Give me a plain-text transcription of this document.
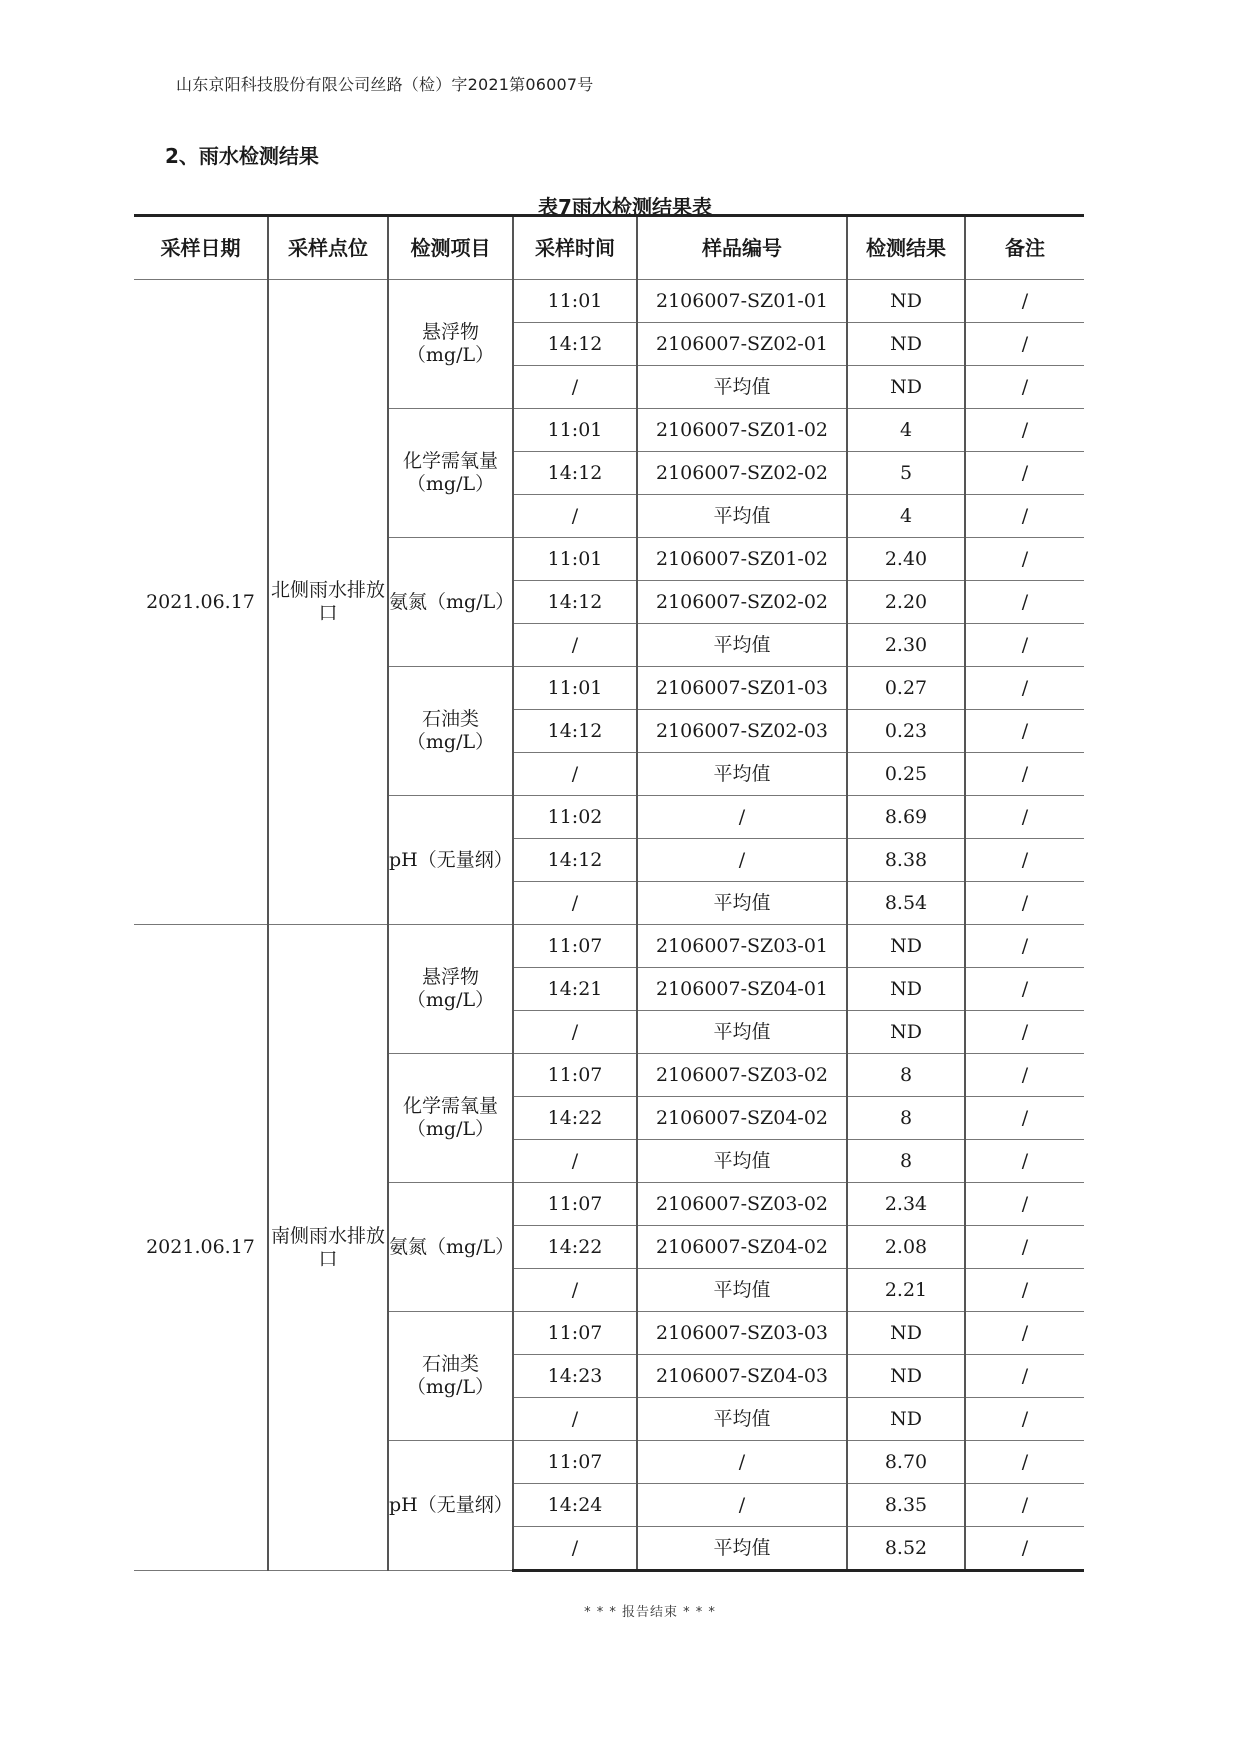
山东京阳科技股份有限公司丝路（检）字2021第06007号
2、雨水检测结果
表7雨水检测结果表
采样日期	采样点位	检测项目	采样时间	样品编号	检测结果	备注
2021.06.17	北侧雨水排放口	悬浮物（mg/L）	11:01	2106007-SZ01-01	ND	/
			14:12	2106007-SZ02-01	ND	/
			/	平均值	ND	/
		化学需氧量（mg/L）	11:01	2106007-SZ01-02	4	/
			14:12	2106007-SZ02-02	5	/
			/	平均值	4	/
		氨氮（mg/L）	11:01	2106007-SZ01-02	2.40	/
			14:12	2106007-SZ02-02	2.20	/
			/	平均值	2.30	/
		石油类（mg/L）	11:01	2106007-SZ01-03	0.27	/
			14:12	2106007-SZ02-03	0.23	/
			/	平均值	0.25	/
		pH（无量纲）	11:02	/	8.69	/
			14:12	/	8.38	/
			/	平均值	8.54	/
2021.06.17	南侧雨水排放口	悬浮物（mg/L）	11:07	2106007-SZ03-01	ND	/
			14:21	2106007-SZ04-01	ND	/
			/	平均值	ND	/
		化学需氧量（mg/L）	11:07	2106007-SZ03-02	8	/
			14:22	2106007-SZ04-02	8	/
			/	平均值	8	/
		氨氮（mg/L）	11:07	2106007-SZ03-02	2.34	/
			14:22	2106007-SZ04-02	2.08	/
			/	平均值	2.21	/
		石油类（mg/L）	11:07	2106007-SZ03-03	ND	/
			14:23	2106007-SZ04-03	ND	/
			/	平均值	ND	/
		pH（无量纲）	11:07	/	8.70	/
			14:24	/	8.35	/
			/	平均值	8.52	/
* * * 报告结束 * * *
